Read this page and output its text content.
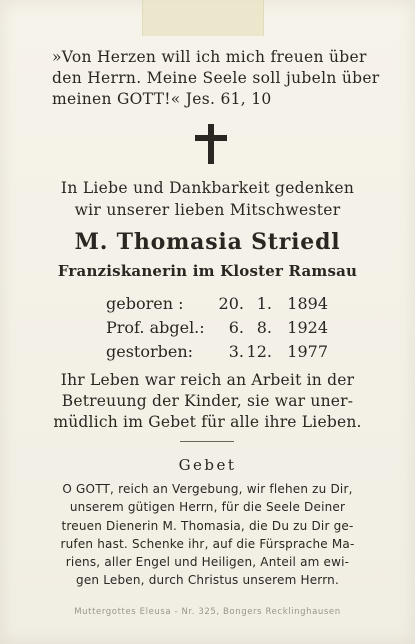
»Von Herzen will ich mich freuen über
den Herrn. Meine Seele soll jubeln über
meinen GOTT!« Jes. 61, 10
In Liebe und Dankbarkeit gedenken
wir unserer lieben Mitschwester
M. Thomasia Striedl
Franziskanerin im Kloster Ramsau
geboren :	20. 1. 1894
Prof. abgel.:	6. 8. 1924
gestorben:	3. 12. 1977
Ihr Leben war reich an Arbeit in der
Betreuung der Kinder, sie war uner-
müdlich im Gebet für alle ihre Lieben.
Gebet
O GOTT, reich an Vergebung, wir flehen zu Dir,
unserem gütigen Herrn, für die Seele Deiner
treuen Dienerin M. Thomasia, die Du zu Dir ge-
rufen hast. Schenke ihr, auf die Fürsprache Ma-
riens, aller Engel und Heiligen, Anteil am ewi-
gen Leben, durch Christus unserem Herrn.
Muttergottes Eleusa - Nr. 325, Bongers Recklinghausen
